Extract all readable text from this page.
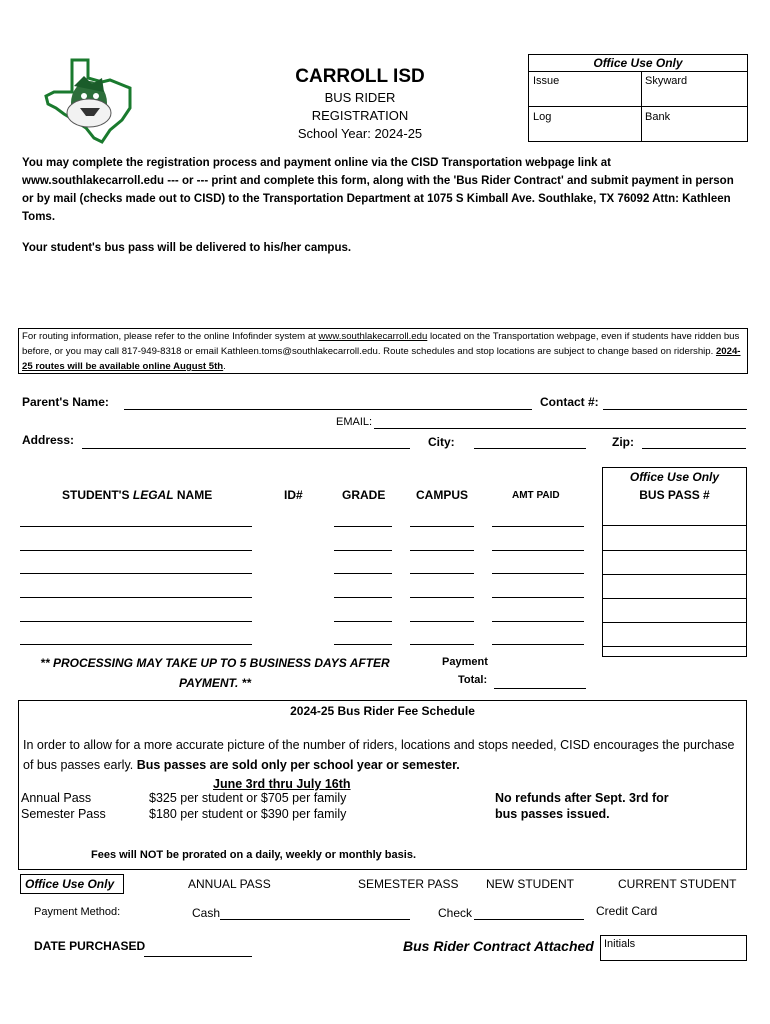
CARROLL ISD
BUS RIDER
REGISTRATION
School Year: 2024-25
Office Use Only
Issue	Skyward
Log	Bank
You may complete the registration process and payment online via the CISD Transportation webpage link at www.southlakecarroll.edu --- or --- print and complete this form, along with the 'Bus Rider Contract' and submit payment in person or by mail (checks made out to CISD) to the Transportation Department at 1075 S Kimball Ave. Southlake, TX 76092 Attn: Kathleen Toms.
Your student's bus pass will be delivered to his/her campus.
For routing information, please refer to the online Infofinder system at www.southlakecarroll.edu located on the Transportation webpage, even if students have ridden bus before, or you may call 817-949-8318 or email Kathleen.toms@southlakecarroll.edu. Route schedules and stop locations are subject to change based on ridership. 2024-25 routes will be available online August 5th.
Parent's Name:	Contact #:
EMAIL:
Address:	City:	Zip:
STUDENT'S LEGAL NAME	ID#	GRADE	CAMPUS	AMT PAID
Office Use Only
BUS PASS #
** PROCESSING MAY TAKE UP TO 5 BUSINESS DAYS AFTER
PAYMENT. **
Payment
Total:
2024-25 Bus Rider Fee Schedule
In order to allow for a more accurate picture of the number of riders, locations and stops needed, CISD encourages the purchase of bus passes early. Bus passes are sold only per school year or semester.
June 3rd thru July 16th
Annual Pass	$325 per student or $705 per family
Semester Pass	$180 per student or $390 per family
No refunds after Sept. 3rd for
bus passes issued.
Fees will NOT be prorated on a daily, weekly or monthly basis.
Office Use Only	ANNUAL PASS	SEMESTER PASS NEW STUDENT	CURRENT STUDENT
Payment Method:	Cash	Check	Credit Card
DATE PURCHASED	Bus Rider Contract Attached Initials
